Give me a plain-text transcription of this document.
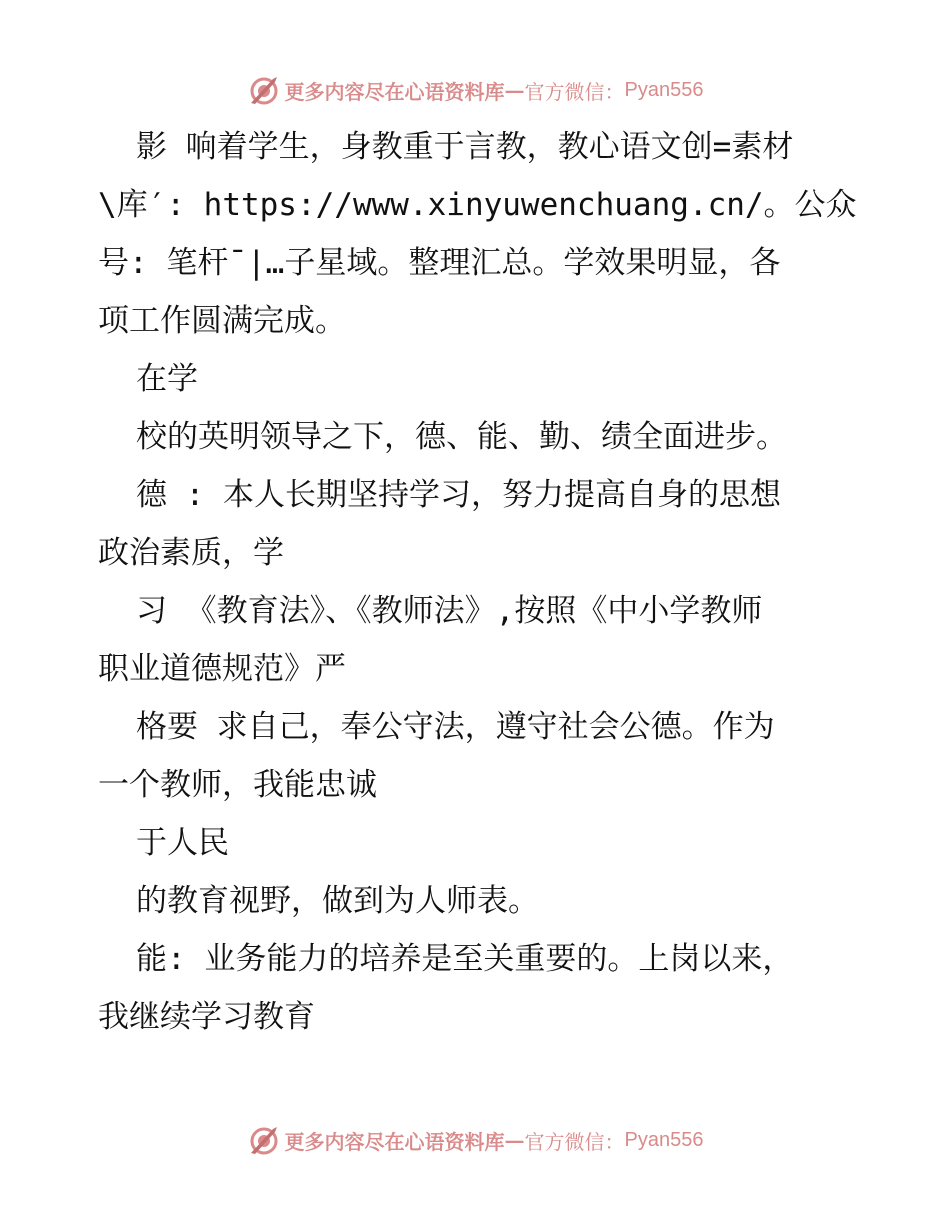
更多内容尽在心语资料库 — 官方微信： Pyan556
影 响着学生，身教重于言教，教心语文创=素材
\库′: https://www.xinyuwenchuang.cn/。公众
号: 笔杆¯|…子星域。整理汇总。学效果明显，各
项工作圆满完成。
在学
校的英明领导之下，德、能、勤、绩全面进步。
德 : 本人长期坚持学习，努力提高自身的思想
政治素质，学
习 《教育法》、《教师法》,按照《中小学教师
职业道德规范》严
格要 求自己，奉公守法，遵守社会公德。作为
一个教师，我能忠诚
于人民
的教育视野，做到为人师表。
能: 业务能力的培养是至关重要的。上岗以来，
我继续学习教育
更多内容尽在心语资料库 — 官方微信： Pyan556
